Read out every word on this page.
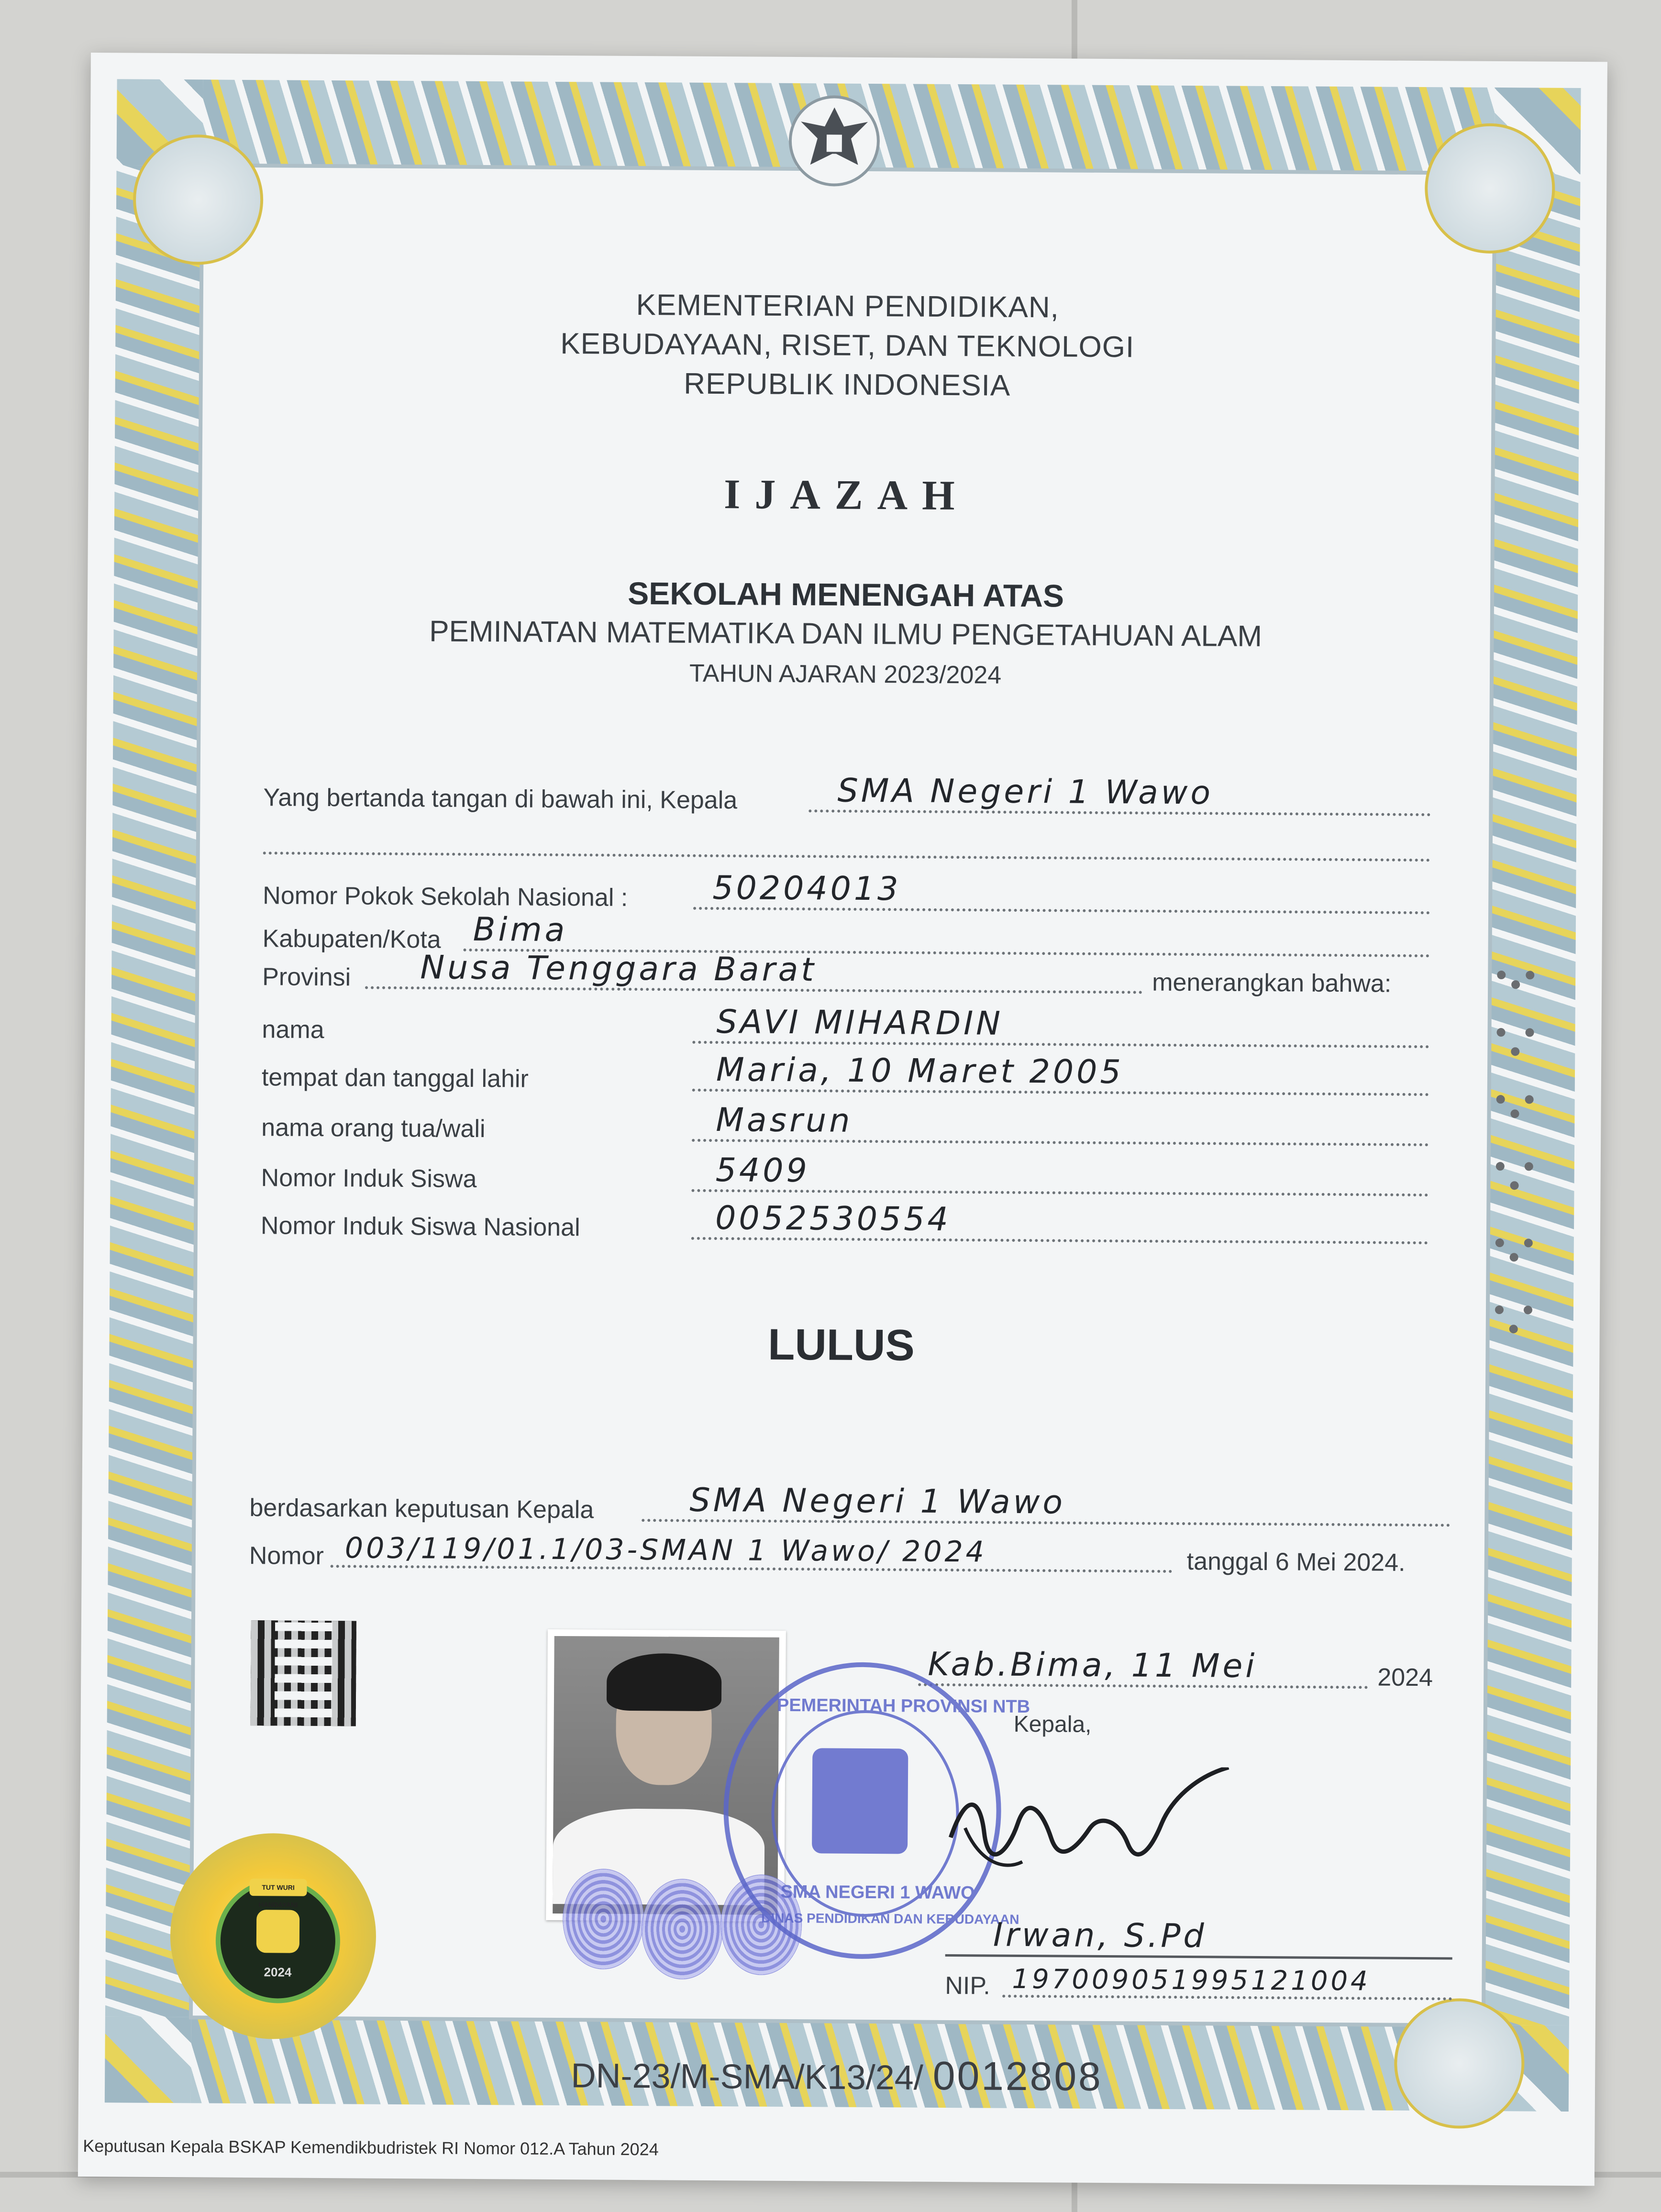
KEMENTERIAN PENDIDIKAN,
KEBUDAYAAN, RISET, DAN TEKNOLOGI
REPUBLIK INDONESIA
IJAZAH
SEKOLAH MENENGAH ATAS
PEMINATAN MATEMATIKA DAN ILMU PENGETAHUAN ALAM
TAHUN AJARAN 2023/2024
Yang bertanda tangan di bawah ini, Kepala	SMA Negeri 1 Wawo
Nomor Pokok Sekolah Nasional :	50204013
Kabupaten/Kota Bima
Provinsi Nusa Tenggara Barat	menerangkan bahwa:
nama	SAVI MIHARDIN
tempat dan tanggal lahir	Maria, 10 Maret 2005
nama orang tua/wali	Masrun
Nomor Induk Siswa	5409
Nomor Induk Siswa Nasional	0052530554
LULUS
berdasarkan keputusan Kepala	SMA Negeri 1 Wawo
Nomor 003/119/01.1/03-SMAN 1 Wawo/ 2024	tanggal 6 Mei 2024.
Kab.Bima, 11 Mei	2024
Kepala,
PEMERINTAH PROVINSI NTB
SMA NEGERI 1 WAWO
DINAS PENDIDIKAN DAN KEBUDAYAAN
Irwan, S.Pd
NIP. 197009051995121004
TUT WURI HANDAYANI
2024
DN-23/M-SMA/K13/24/ 0012808
Keputusan Kepala BSKAP Kemendikbudristek RI Nomor 012.A Tahun 2024
